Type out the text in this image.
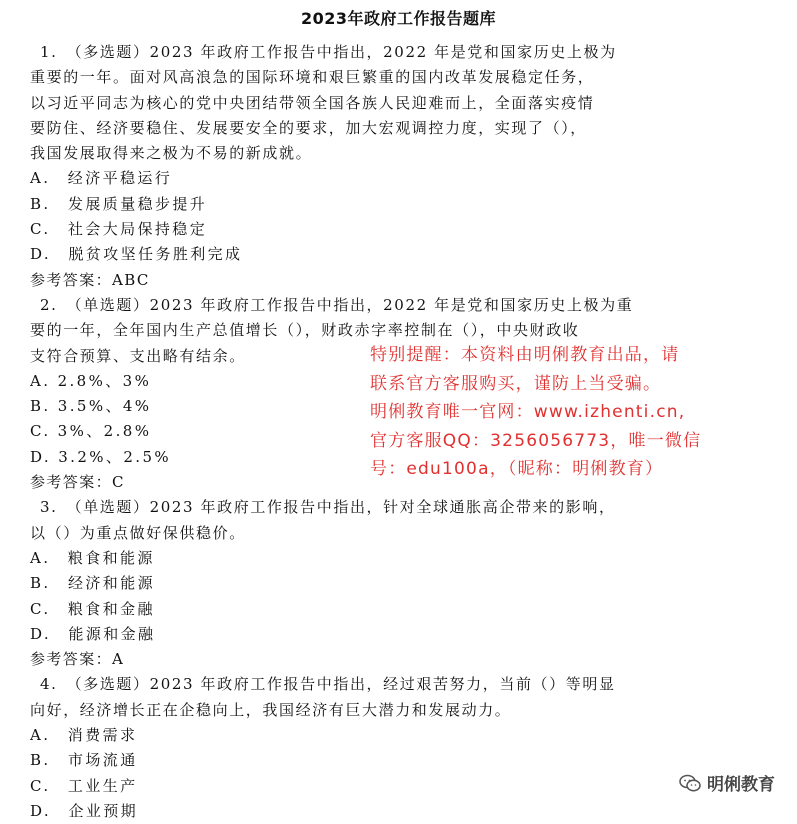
2023年政府工作报告题库
1.　（多选题）2023 年政府工作报告中指出，2022 年是党和国家历史上极为
重要的一年。面对风高浪急的国际环境和艰巨繁重的国内改革发展稳定任务，
以习近平同志为核心的党中央团结带领全国各族人民迎难而上，全面落实疫情
要防住、经济要稳住、发展要安全的要求，加大宏观调控力度，实现了（），
我国发展取得来之极为不易的新成就。
A.　经济平稳运行
B.　发展质量稳步提升
C.　社会大局保持稳定
D.　脱贫攻坚任务胜利完成
参考答案：ABC
2.　（单选题）2023 年政府工作报告中指出，2022 年是党和国家历史上极为重
要的一年，全年国内生产总值增长（），财政赤字率控制在（），中央财政收
支符合预算、支出略有结余。
A. 2.8%、3%
B. 3.5%、4%
C. 3%、2.8%
D. 3.2%、2.5%
参考答案：C
3.　（单选题）2023 年政府工作报告中指出，针对全球通胀高企带来的影响，
以（）为重点做好保供稳价。
A.　粮食和能源
B.　经济和能源
C.　粮食和金融
D.　能源和金融
参考答案：A
4.　（多选题）2023 年政府工作报告中指出，经过艰苦努力，当前（）等明显
向好，经济增长正在企稳向上，我国经济有巨大潜力和发展动力。
A.　消费需求
B.　市场流通
C.　工业生产
D.　企业预期
特别提醒：本资料由明俐教育出品，请
联系官方客服购买，谨防上当受骗。
明俐教育唯一官网：www.izhenti.cn,
官方客服QQ：3256056773，唯一微信
号：edu100a，（昵称：明俐教育）
明俐教育
